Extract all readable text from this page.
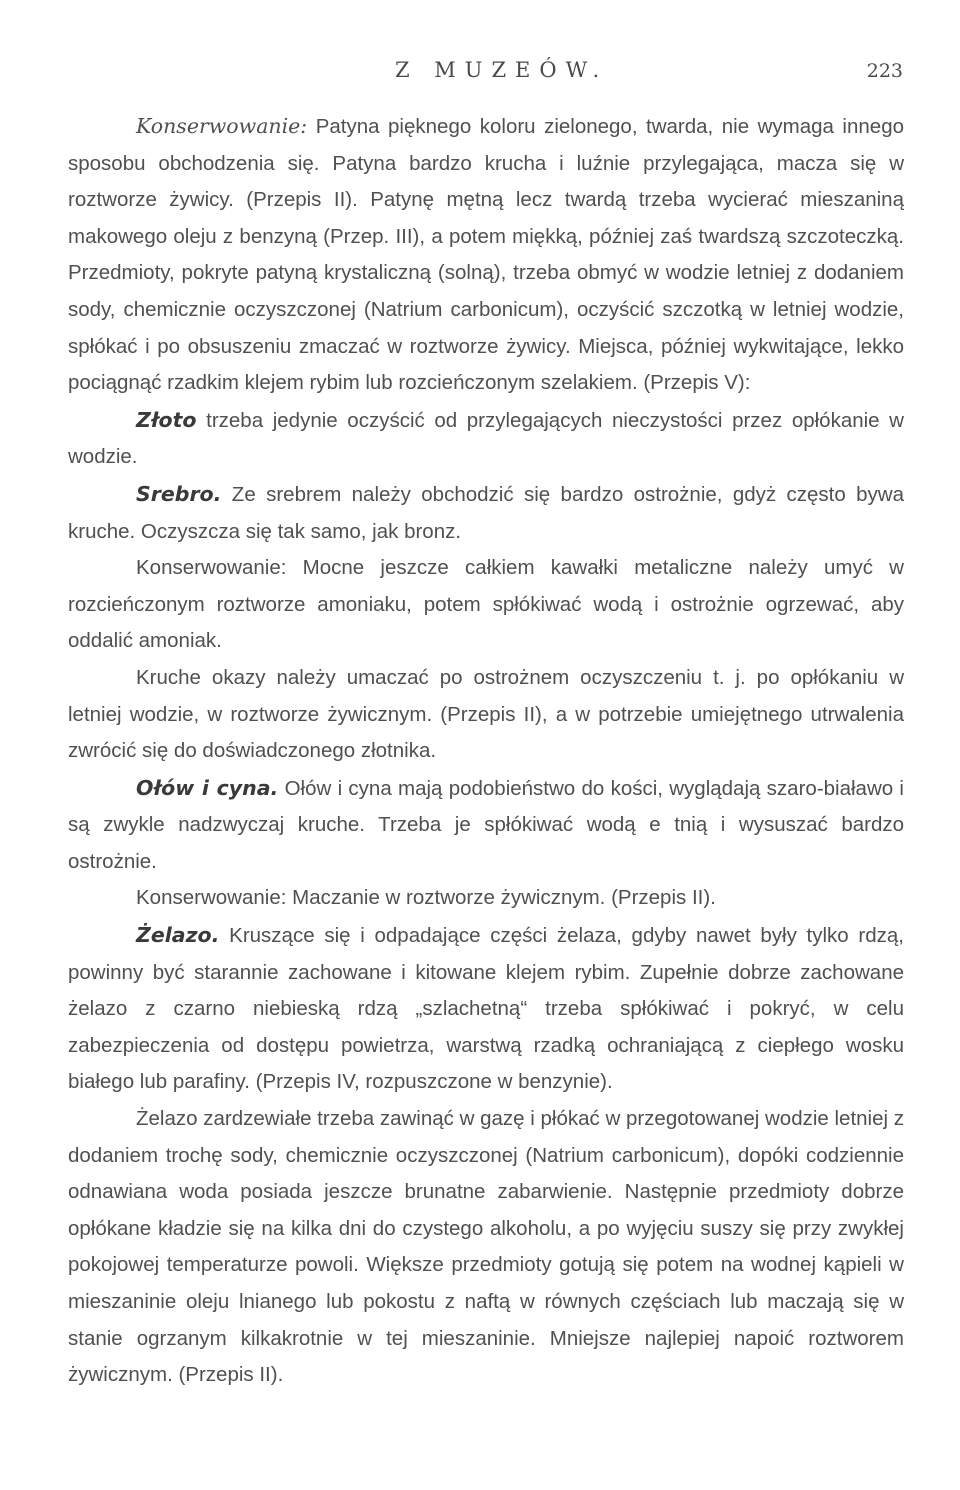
Z MUZEÓW.	223

Konserwowanie: Patyna pięknego koloru zielonego, twarda, nie wymaga innego sposobu obchodzenia się. Patyna bardzo krucha i luźnie przylegająca, macza się w roztworze żywicy. (Przepis II). Patynę mętną lecz twardą trzeba wycierać mieszaniną makowego oleju z benzyną (Przep. III), a potem miękką, później zaś twardszą szczoteczką. Przedmioty, pokryte patyną krystaliczną (solną), trzeba obmyć w wodzie letniej z dodaniem sody, chemicznie oczyszczonej (Natrium carbonicum), oczyścić szczotką w letniej wodzie, spłókać i po obsuszeniu zmaczać w roztworze żywicy. Miejsca, później wykwitające, lekko pociągnąć rzadkim klejem rybim lub rozcieńczonym szelakiem. (Przepis V):

Złoto trzeba jedynie oczyścić od przylegających nieczystości przez opłókanie w wodzie.

Srebro. Ze srebrem należy obchodzić się bardzo ostrożnie, gdyż często bywa kruche. Oczyszcza się tak samo, jak bronz.

Konserwowanie: Mocne jeszcze całkiem kawałki metaliczne należy umyć w rozcieńczonym roztworze amoniaku, potem spłókiwać wodą i ostrożnie ogrzewać, aby oddalić amoniak.

Kruche okazy należy umaczać po ostrożnem oczyszczeniu t. j. po opłókaniu w letniej wodzie, w roztworze żywicznym. (Przepis II), a w potrzebie umiejętnego utrwalenia zwrócić się do doświadczonego złotnika.

Ołów i cyna. Ołów i cyna mają podobieństwo do kości, wyglądają szaro-białawo i są zwykle nadzwyczaj kruche. Trzeba je spłókiwać wodą e tnią i wysuszać bardzo ostrożnie.

Konserwowanie: Maczanie w roztworze żywicznym. (Przepis II).

Żelazo. Kruszące się i odpadające części żelaza, gdyby nawet były tylko rdzą, powinny być starannie zachowane i kitowane klejem rybim. Zupełnie dobrze zachowane żelazo z czarno niebieską rdzą „szlachetną“ trzeba spłókiwać i pokryć, w celu zabezpieczenia od dostępu powietrza, warstwą rzadką ochraniającą z ciepłego wosku białego lub parafiny. (Przepis IV, rozpuszczone w benzynie).

Żelazo zardzewiałe trzeba zawinąć w gazę i płókać w przegotowanej wodzie letniej z dodaniem trochę sody, chemicznie oczyszczonej (Natrium carbonicum), dopóki codziennie odnawiana woda posiada jeszcze brunatne zabarwienie. Następnie przedmioty dobrze opłókane kładzie się na kilka dni do czystego alkoholu, a po wyjęciu suszy się przy zwykłej pokojowej temperaturze powoli. Większe przedmioty gotują się potem na wodnej kąpieli w mieszaninie oleju lnianego lub pokostu z naftą w równych częściach lub maczają się w stanie ogrzanym kilkakrotnie w tej mieszaninie. Mniejsze najlepiej napoić roztworem żywicznym. (Przepis II).
